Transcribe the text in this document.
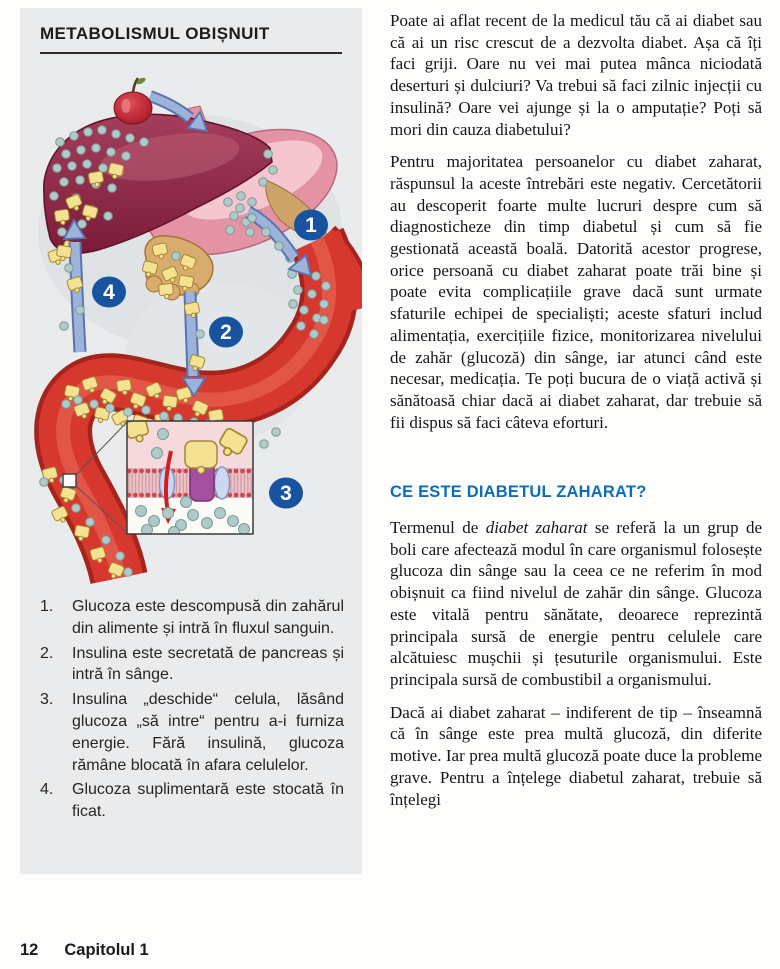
METABOLISMUL OBIȘNUIT
1
2
3
4
1.	Glucoza este descompusă din zahărul din alimente și intră în fluxul sanguin.
2.	Insulina este secretată de pancreas și intră în sânge.
3.	Insulina „deschide“ celula, lăsând glucoza „să intre“ pentru a-i furniza energie. Fără insulină, glucoza rămâne blocată în afara celulelor.
4.	Glucoza suplimentară este stocată în ficat.

Poate ai aflat recent de la medicul tău că ai diabet sau că ai un risc crescut de a dezvolta diabet. Așa că îți faci griji. Oare nu vei mai putea mânca niciodată deserturi și dulciuri? Va trebui să faci zilnic injecții cu insulină? Oare vei ajunge și la o amputație? Poți să mori din cauza diabetului?

Pentru majoritatea persoanelor cu diabet zaharat, răspunsul la aceste întrebări este negativ. Cercetătorii au descoperit foarte multe lucruri despre cum să diagnosticheze din timp diabetul și cum să fie gestionată această boală. Datorită acestor progrese, orice persoană cu diabet zaharat poate trăi bine și poate evita complicațiile grave dacă sunt urmate sfaturile echipei de specialiști; aceste sfaturi includ alimentația, exercițiile fizice, monitorizarea nivelului de zahăr (glucoză) din sânge, iar atunci când este necesar, medicația. Te poți bucura de o viață activă și sănătoasă chiar dacă ai diabet zaharat, dar trebuie să fii dispus să faci câteva eforturi.

CE ESTE DIABETUL ZAHARAT?

Termenul de diabet zaharat se referă la un grup de boli care afectează modul în care organismul folosește glucoza din sânge sau la ceea ce ne referim în mod obișnuit ca fiind nivelul de zahăr din sânge. Glucoza este vitală pentru sănătate, deoarece reprezintă principala sursă de energie pentru celulele care alcătuiesc mușchii și țesuturile organismului. Este principala sursă de combustibil a organismului.

Dacă ai diabet zaharat – indiferent de tip – înseamnă că în sânge este prea multă glucoză, din diferite motive. Iar prea multă glucoză poate duce la probleme grave. Pentru a înțelege diabetul zaharat, trebuie să înțelegi

12 Capitolul 1
